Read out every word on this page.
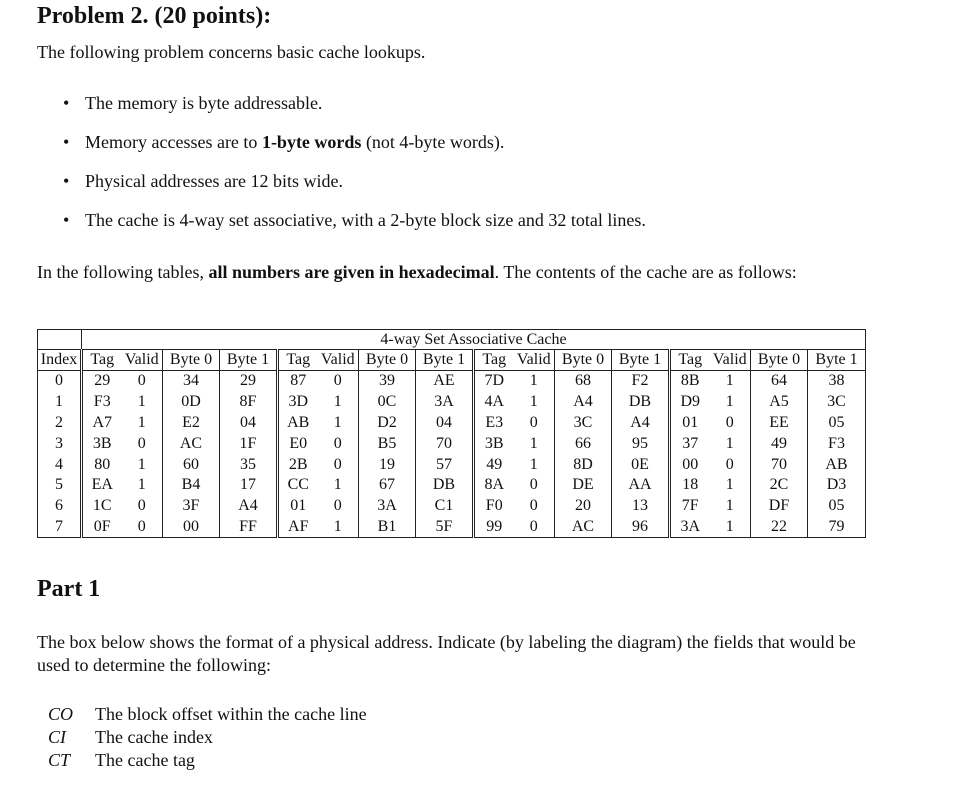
Problem 2. (20 points):
The following problem concerns basic cache lookups.
• The memory is byte addressable.
• Memory accesses are to 1-byte words (not 4-byte words).
• Physical addresses are 12 bits wide.
• The cache is 4-way set associative, with a 2-byte block size and 32 total lines.
In the following tables, all numbers are given in hexadecimal. The contents of the cache are as follows:
	4-way Set Associative Cache															
Index	Tag	Valid	Byte 0	Byte 1	Tag	Valid	Byte 0	Byte 1	Tag	Valid	Byte 0	Byte 1	Tag	Valid	Byte 0	Byte 1
0	29	0	34	29	87	0	39	AE	7D	1	68	F2	8B	1	64	38
1	F3	1	0D	8F	3D	1	0C	3A	4A	1	A4	DB	D9	1	A5	3C
2	A7	1	E2	04	AB	1	D2	04	E3	0	3C	A4	01	0	EE	05
3	3B	0	AC	1F	E0	0	B5	70	3B	1	66	95	37	1	49	F3
4	80	1	60	35	2B	0	19	57	49	1	8D	0E	00	0	70	AB
5	EA	1	B4	17	CC	1	67	DB	8A	0	DE	AA	18	1	2C	D3
6	1C	0	3F	A4	01	0	3A	C1	F0	0	20	13	7F	1	DF	05
7	0F	0	00	FF	AF	1	B1	5F	99	0	AC	96	3A	1	22	79
Part 1
The box below shows the format of a physical address. Indicate (by labeling the diagram) the fields that would be used to determine the following:
CO The block offset within the cache line
CI The cache index
CT The cache tag
